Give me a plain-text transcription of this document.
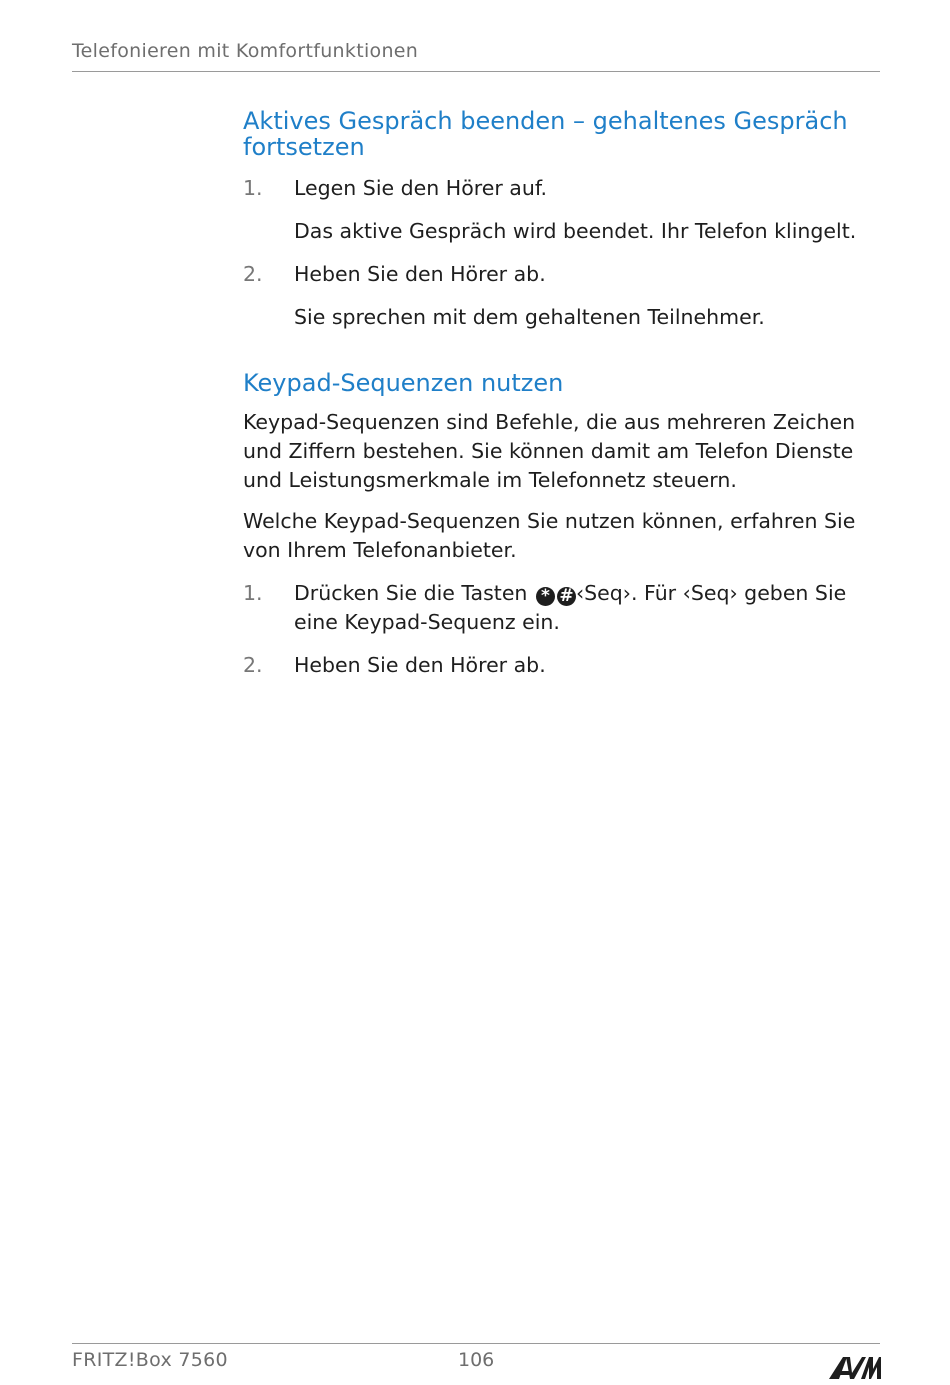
Telefonieren mit Komfortfunktionen
Aktives Gespräch beenden – gehaltenes Gespräch
fortsetzen
1.	Legen Sie den Hörer auf.
Das aktive Gespräch wird beendet. Ihr Telefon klingelt.
2.	Heben Sie den Hörer ab.
Sie sprechen mit dem gehaltenen Teilnehmer.
Keypad-Sequenzen nutzen

Keypad-Sequenzen sind Befehle, die aus mehreren Zeichen und Ziffern bestehen. Sie können damit am Telefon Dienste und Leistungsmerkmale im Telefonnetz steuern.

Welche Keypad-Sequenzen Sie nutzen können, erfahren Sie von Ihrem Telefonanbieter.

1.	Drücken Sie die Tasten * # ‹Seq›. Für ‹Seq› geben Sie eine Keypad-Sequenz ein.
2.	Heben Sie den Hörer ab.
FRITZ!Box 7560	106
